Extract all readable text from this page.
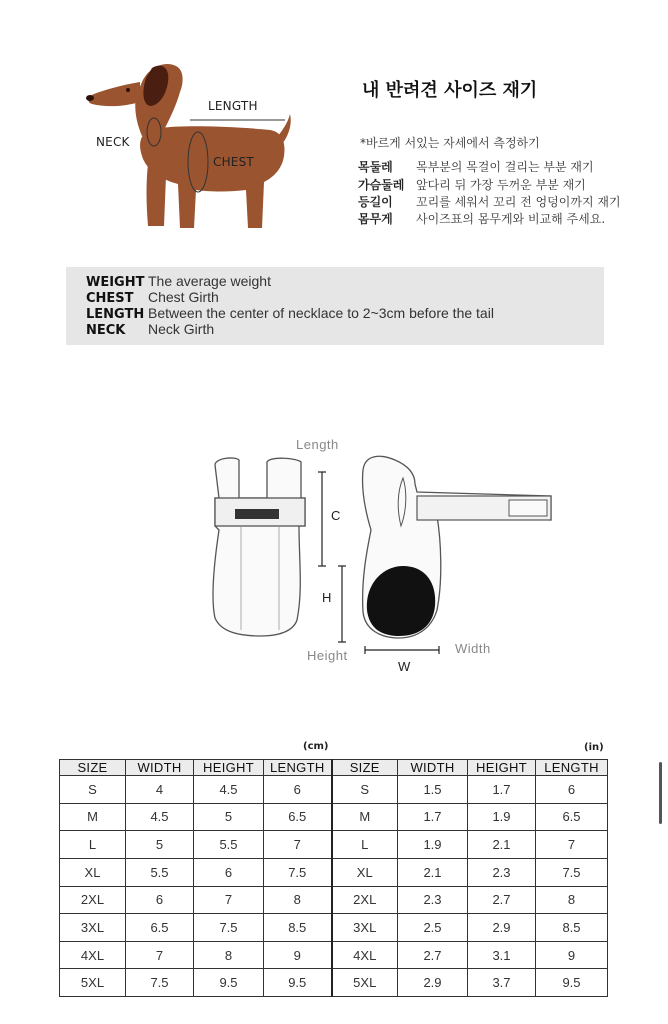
LENGTH
NECK
CHEST
내 반려견 사이즈 재기
*바르게 서있는 자세에서 측정하기
목둘레 목부분의 목걸이 걸리는 부분 재기
가슴둘레 앞다리 뒤 가장 두꺼운 부분 재기
등길이 꼬리를 세워서 꼬리 전 엉덩이까지 재기
몸무게 사이즈표의 몸무게와 비교해 주세요.
WEIGHT The average weight
CHEST Chest Girth
LENGTH Between the center of necklace to 2~3cm before the tail
NECK Neck Girth
Length
C
H
Height	Width
W
(cm)	(in)
SIZE	WIDTH	HEIGHT	LENGTH	SIZE	WIDTH	HEIGHT	LENGTH
S	4	4.5	6	S	1.5	1.7	6
M	4.5	5	6.5	M	1.7	1.9	6.5
L	5	5.5	7	L	1.9	2.1	7
XL	5.5	6	7.5	XL	2.1	2.3	7.5
2XL	6	7	8	2XL	2.3	2.7	8
3XL	6.5	7.5	8.5	3XL	2.5	2.9	8.5
4XL	7	8	9	4XL	2.7	3.1	9
5XL	7.5	9.5	9.5	5XL	2.9	3.7	9.5
